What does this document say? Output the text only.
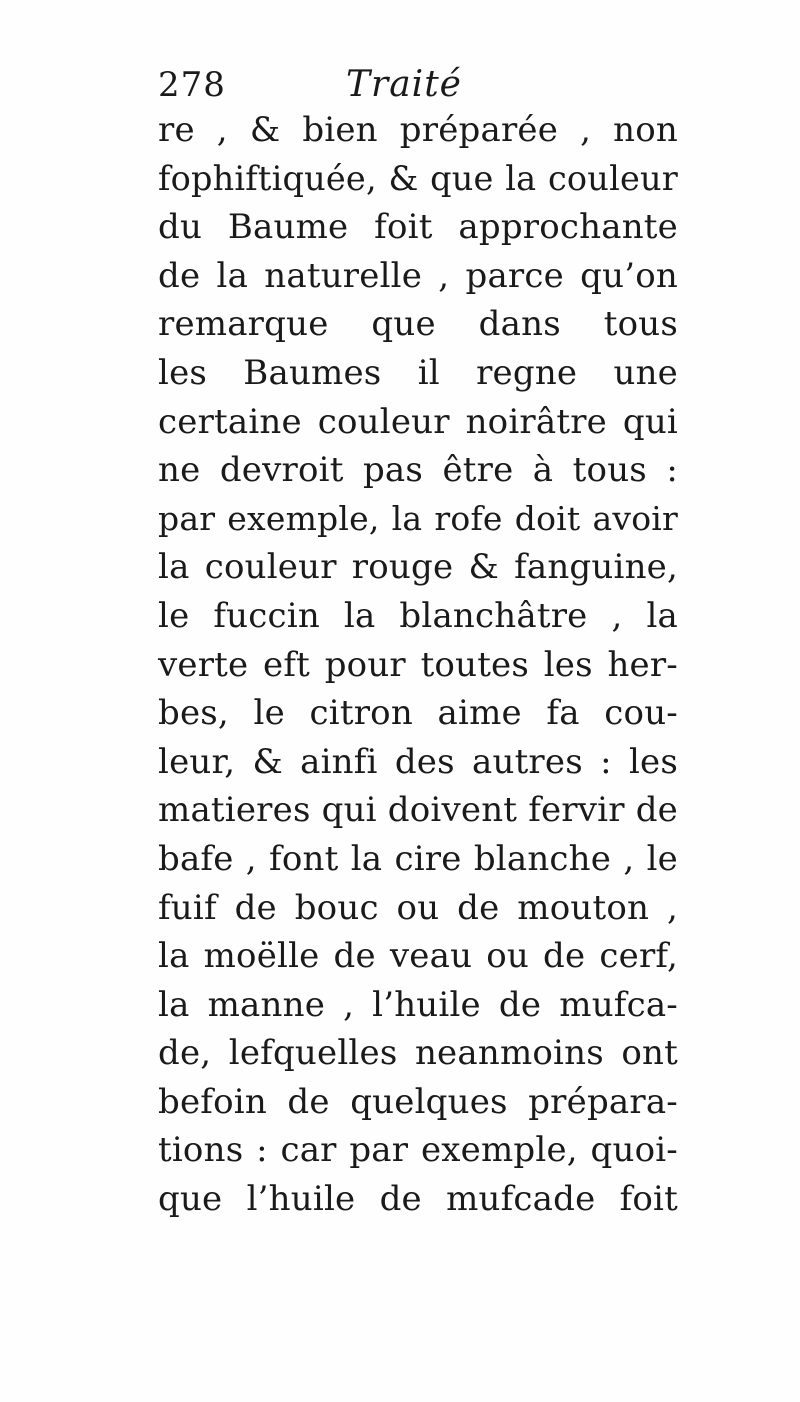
278	Traité
re , & bien préparée , non
fophiftiquée, & que la couleur
du Baume foit approchante
de la naturelle , parce qu’on
remarque que dans tous
les Baumes il regne une
certaine couleur noirâtre qui
ne devroit pas être à tous :
par exemple, la rofe doit avoir
la couleur rouge & fanguine,
le fuccin la blanchâtre , la
verte eft pour toutes les her-
bes, le citron aime fa cou-
leur, & ainfi des autres : les
matieres qui doivent fervir de
bafe , font la cire blanche , le
fuif de bouc ou de mouton ,
la moëlle de veau ou de cerf,
la manne , l’huile de mufca-
de, lefquelles neanmoins ont
befoin de quelques prépara-
tions : car par exemple, quoi-
que l’huile de mufcade foit
